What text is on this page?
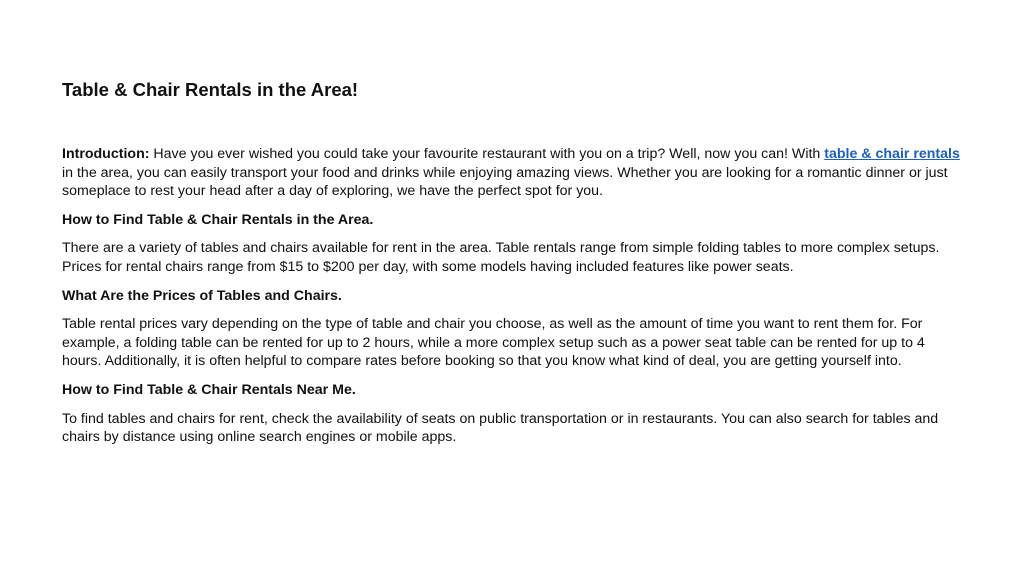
Table & Chair Rentals in the Area!

Introduction: Have you ever wished you could take your favourite restaurant with you on a trip? Well, now you can! With table & chair rentals in the area, you can easily transport your food and drinks while enjoying amazing views. Whether you are looking for a romantic dinner or just someplace to rest your head after a day of exploring, we have the perfect spot for you.

How to Find Table & Chair Rentals in the Area.

There are a variety of tables and chairs available for rent in the area. Table rentals range from simple folding tables to more complex setups. Prices for rental chairs range from $15 to $200 per day, with some models having included features like power seats.

What Are the Prices of Tables and Chairs.

Table rental prices vary depending on the type of table and chair you choose, as well as the amount of time you want to rent them for. For example, a folding table can be rented for up to 2 hours, while a more complex setup such as a power seat table can be rented for up to 4 hours. Additionally, it is often helpful to compare rates before booking so that you know what kind of deal, you are getting yourself into.

How to Find Table & Chair Rentals Near Me.

To find tables and chairs for rent, check the availability of seats on public transportation or in restaurants. You can also search for tables and chairs by distance using online search engines or mobile apps.
